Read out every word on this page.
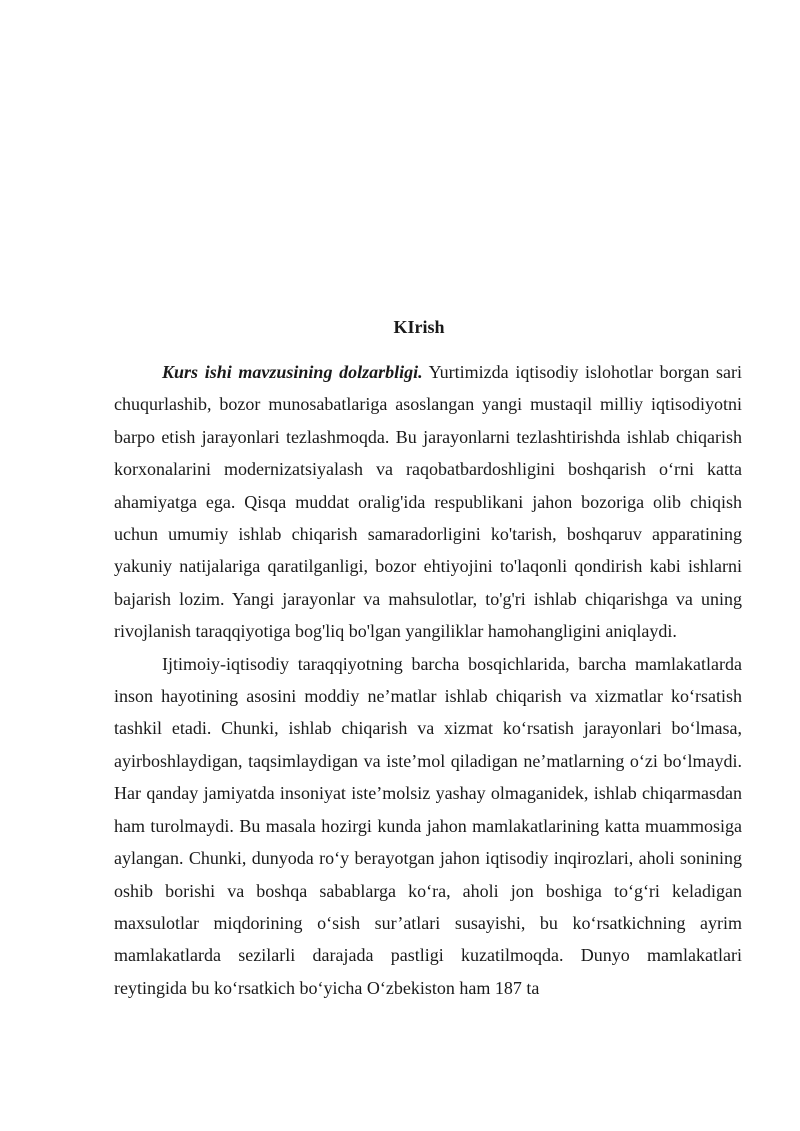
KIrish

Kurs ishi mavzusining dolzarbligi. Yurtimizda iqtisodiy islohotlar borgan sari chuqurlashib, bozor munosabatlariga asoslangan yangi mustaqil milliy iqtisodiyotni barpo etish jarayonlari tezlashmoqda. Bu jarayonlarni tezlashtirishda ishlab chiqarish korxonalarini modernizatsiyalash va raqobatbardoshligini boshqarish oʻrni katta ahamiyatga ega. Qisqa muddat oralig'ida respublikani jahon bozoriga olib chiqish uchun umumiy ishlab chiqarish samaradorligini ko'tarish, boshqaruv apparatining yakuniy natijalariga qaratilganligi, bozor ehtiyojini to'laqonli qondirish kabi ishlarni bajarish lozim. Yangi jarayonlar va mahsulotlar, to'g'ri ishlab chiqarishga va uning rivojlanish taraqqiyotiga bog'liq bo'lgan yangiliklar hamohangligini aniqlaydi.

Ijtimoiy-iqtisodiy taraqqiyotning barcha bosqichlarida, barcha mamlakatlarda inson hayotining asosini moddiy ne’matlar ishlab chiqarish va xizmatlar koʻrsatish tashkil etadi. Chunki, ishlab chiqarish va xizmat koʻrsatish jarayonlari boʻlmasa, ayirboshlaydigan, taqsimlaydigan va iste’mol qiladigan ne’matlarning oʻzi boʻlmaydi. Har qanday jamiyatda insoniyat iste’molsiz yashay olmaganidek, ishlab chiqarmasdan ham turolmaydi. Bu masala hozirgi kunda jahon mamlakatlarining katta muammosiga aylangan. Chunki, dunyoda roʻy berayotgan jahon iqtisodiy inqirozlari, aholi sonining oshib borishi va boshqa sabablarga koʻra, aholi jon boshiga toʻgʻri keladigan maxsulotlar miqdorining oʻsish sur’atlari susayishi, bu koʻrsatkichning ayrim mamlakatlarda sezilarli darajada pastligi kuzatilmoqda. Dunyo mamlakatlari reytingida bu koʻrsatkich boʻyicha Oʻzbekiston ham 187 ta
